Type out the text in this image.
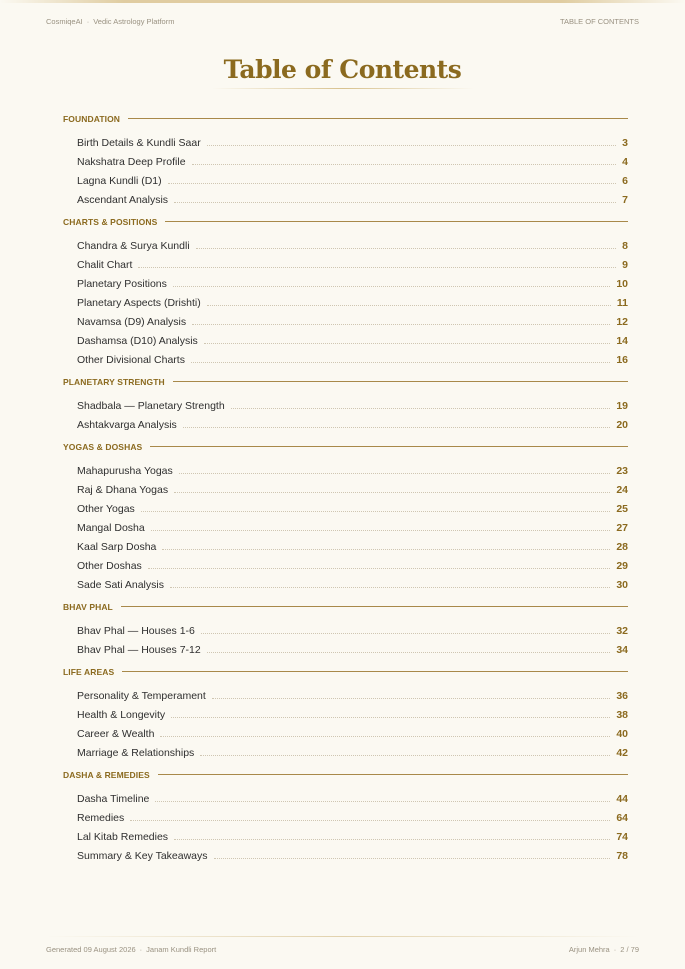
CosmiqeAI · Vedic Astrology Platform	TABLE OF CONTENTS
Table of Contents
FOUNDATION
Birth Details & Kundli Saar	3
Nakshatra Deep Profile	4
Lagna Kundli (D1)	6
Ascendant Analysis	7
CHARTS & POSITIONS
Chandra & Surya Kundli	8
Chalit Chart	9
Planetary Positions	10
Planetary Aspects (Drishti)	11
Navamsa (D9) Analysis	12
Dashamsa (D10) Analysis	14
Other Divisional Charts	16
PLANETARY STRENGTH
Shadbala — Planetary Strength	19
Ashtakvarga Analysis	20
YOGAS & DOSHAS
Mahapurusha Yogas	23
Raj & Dhana Yogas	24
Other Yogas	25
Mangal Dosha	27
Kaal Sarp Dosha	28
Other Doshas	29
Sade Sati Analysis	30
BHAV PHAL
Bhav Phal — Houses 1-6	32
Bhav Phal — Houses 7-12	34
LIFE AREAS
Personality & Temperament	36
Health & Longevity	38
Career & Wealth	40
Marriage & Relationships	42
DASHA & REMEDIES
Dasha Timeline	44
Remedies	64
Lal Kitab Remedies	74
Summary & Key Takeaways	78
Generated 09 August 2026 · Janam Kundli Report	Arjun Mehra · 2 / 79
